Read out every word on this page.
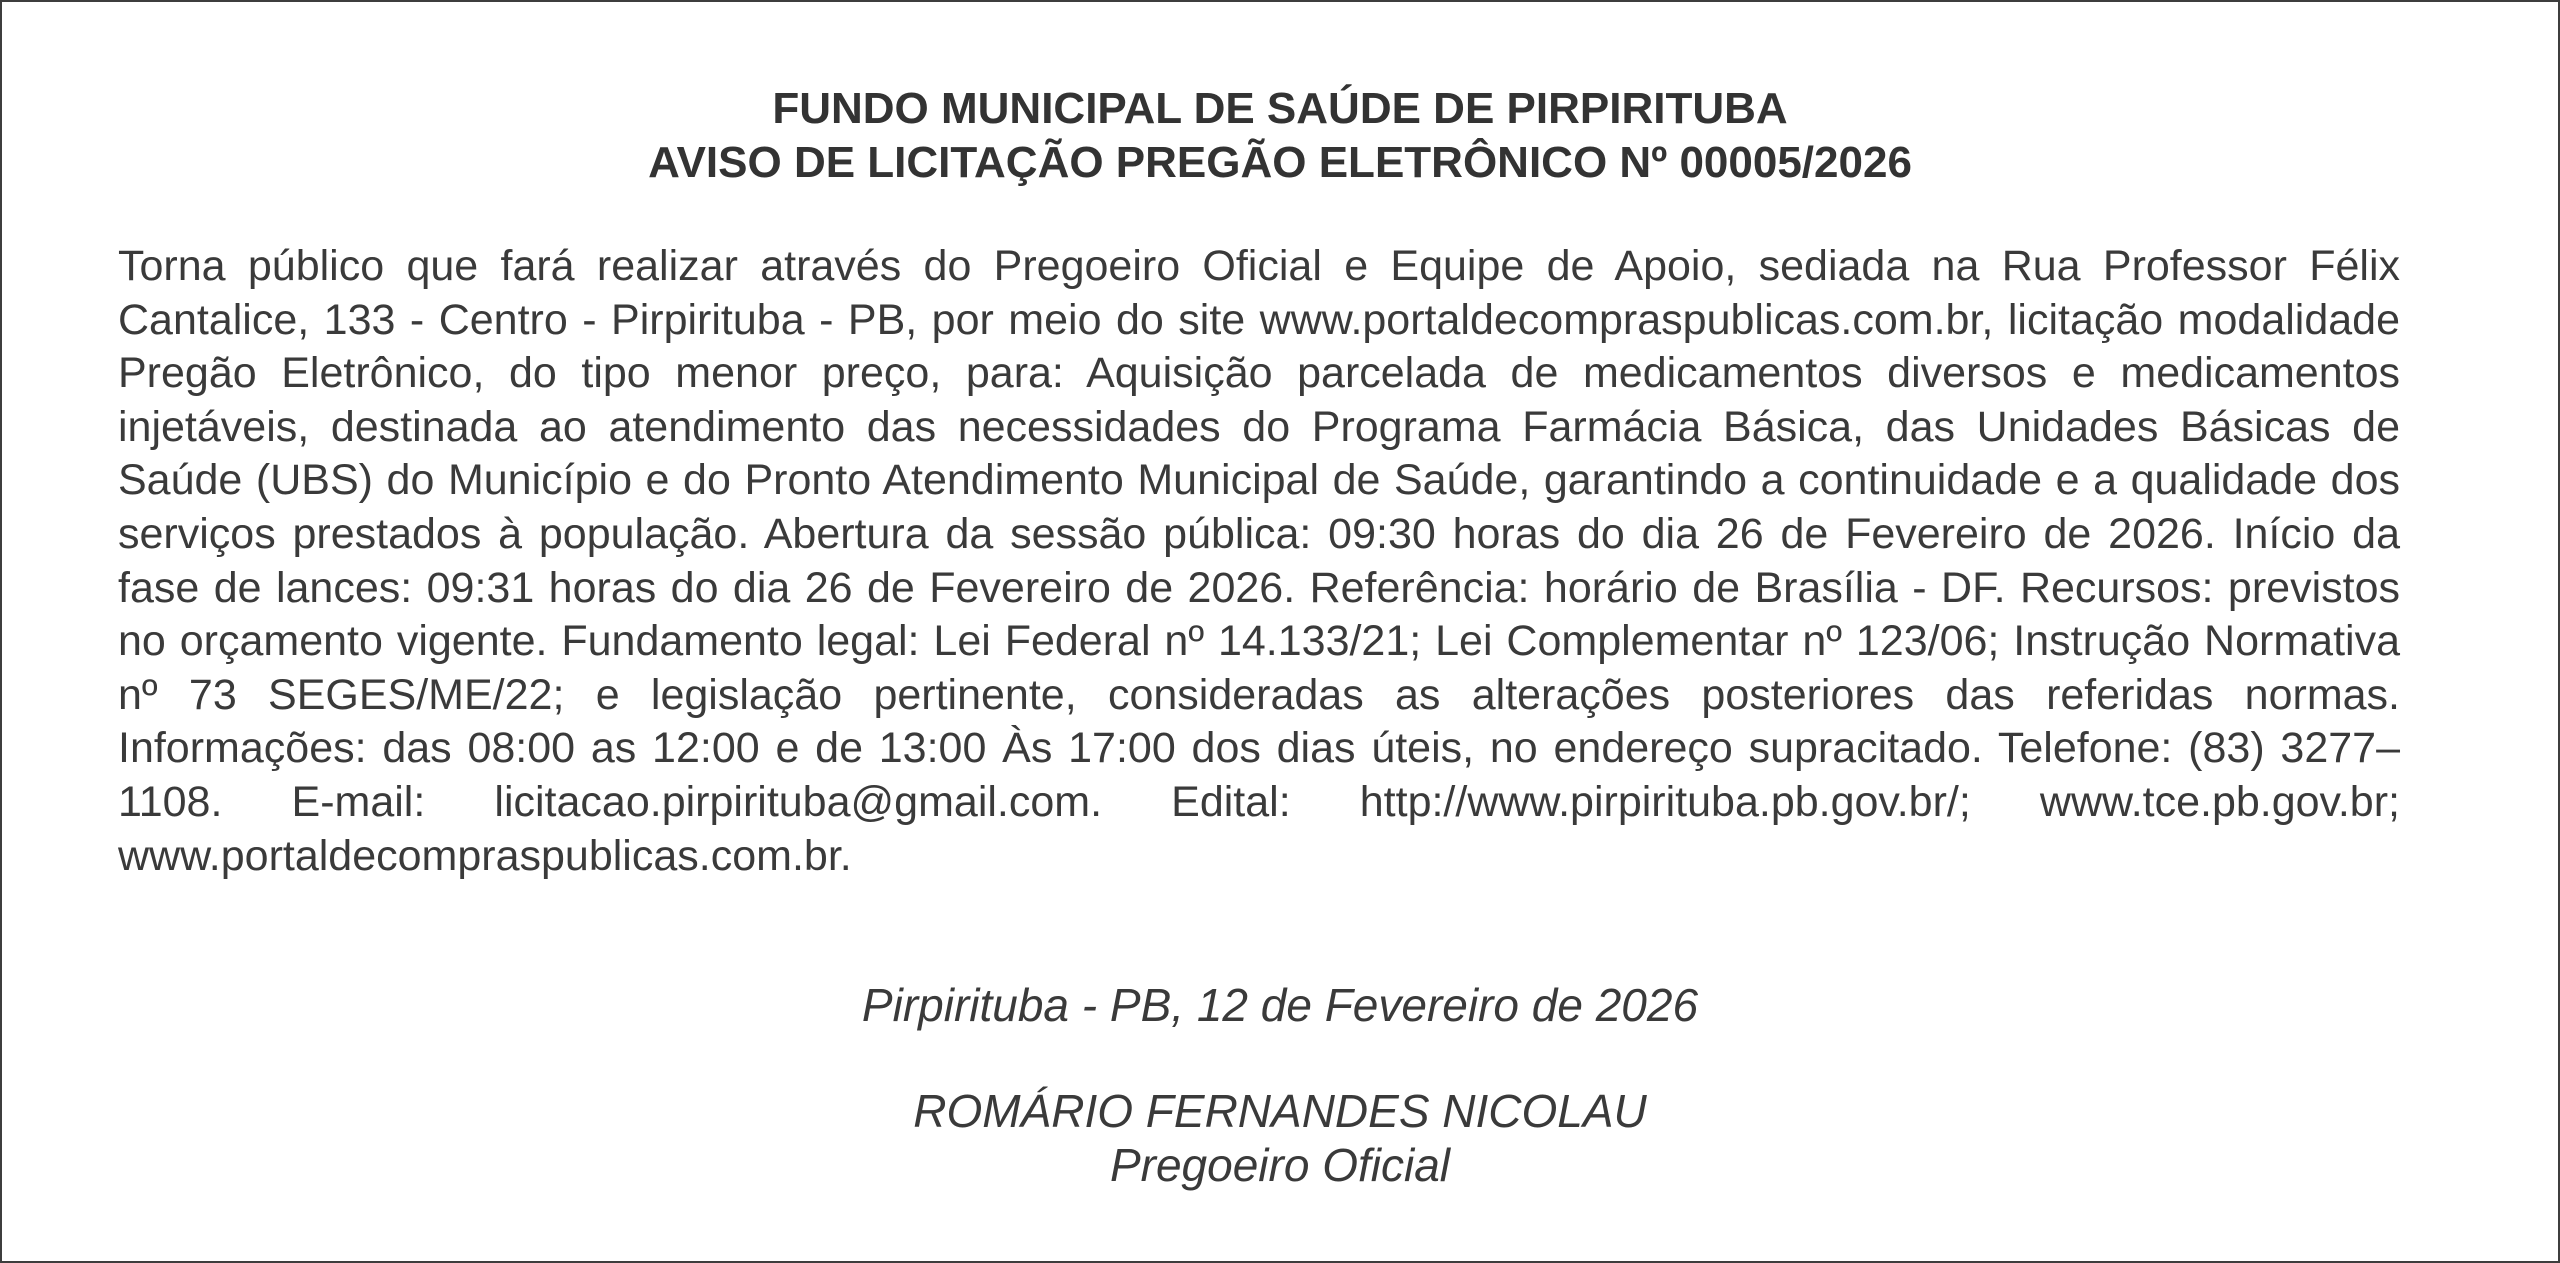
FUNDO MUNICIPAL DE SAÚDE DE PIRPIRITUBA
AVISO DE LICITAÇÃO PREGÃO ELETRÔNICO Nº 00005/2026
Torna público que fará realizar através do Pregoeiro Oficial e Equipe de Apoio, sediada na Rua Professor Félix Cantalice, 133 - Centro - Pirpirituba - PB, por meio do site www.portaldecompraspublicas.com.br, licitação modalidade Pregão Eletrônico, do tipo menor preço, para: Aquisição parcelada de medicamentos diversos e medicamentos injetáveis, destinada ao atendimento das necessidades do Programa Farmácia Básica, das Unidades Básicas de Saúde (UBS) do Município e do Pronto Atendimento Municipal de Saúde, garantindo a continuidade e a qualidade dos serviços prestados à população. Abertura da sessão pública: 09:30 horas do dia 26 de Fevereiro de 2026. Início da fase de lances: 09:31 horas do dia 26 de Fevereiro de 2026. Referência: horário de Brasília - DF. Recursos: previstos no orçamento vigente. Fundamento legal: Lei Federal nº 14.133/21; Lei Complementar nº 123/06; Instrução Normativa nº 73 SEGES/ME/22; e legislação pertinente, consideradas as alterações posteriores das referidas normas. Informações: das 08:00 as 12:00 e de 13:00 Às 17:00 dos dias úteis, no endereço supracitado. Telefone: (83) 3277–1108. E-mail: licitacao.pirpirituba@gmail.com. Edital: http://www.pirpirituba.pb.gov.br/; www.tce.pb.gov.br; www.portaldecompraspublicas.com.br.
Pirpirituba - PB, 12 de Fevereiro de 2026
ROMÁRIO FERNANDES NICOLAU
Pregoeiro Oficial
